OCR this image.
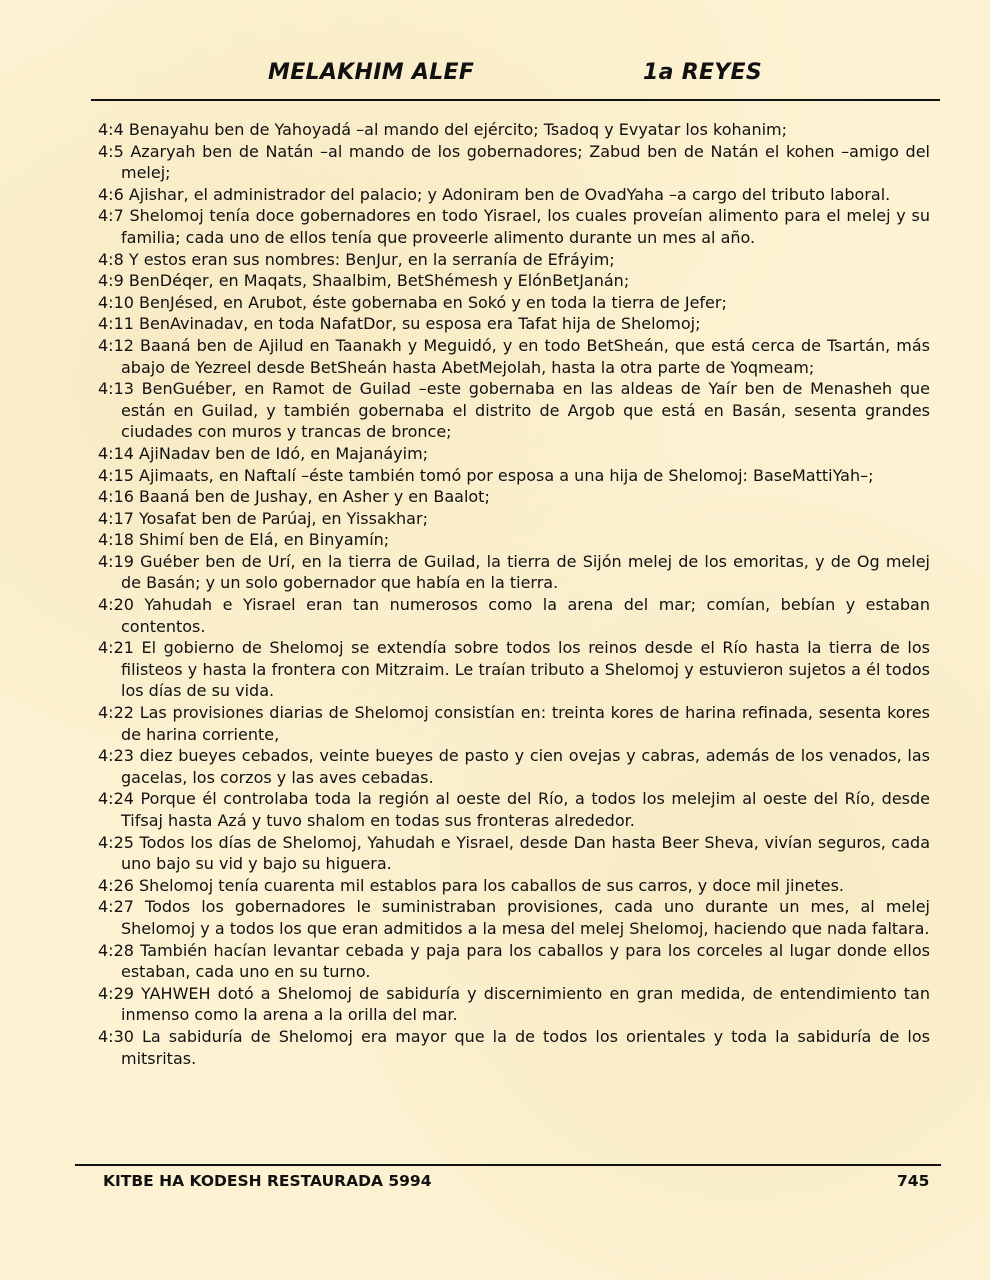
MELAKHIM ALEF	1a REYES

4:4 Benayahu ben de Yahoyadá –al mando del ejército; Tsadoq y Evyatar los kohanim;

4:5 Azaryah ben de Natán –al mando de los gobernadores; Zabud ben de Natán el kohen –amigo del melej;

4:6 Ajishar, el administrador del palacio; y Adoniram ben de OvadYaha –a cargo del tributo laboral.

4:7 Shelomoj tenía doce gobernadores en todo Yisrael, los cuales proveían alimento para el melej y su familia; cada uno de ellos tenía que proveerle alimento durante un mes al año.

4:8 Y estos eran sus nombres: BenJur, en la serranía de Efráyim;

4:9 BenDéqer, en Maqats, Shaalbim, BetShémesh y ElónBetJanán;

4:10 BenJésed, en Arubot, éste gobernaba en Sokó y en toda la tierra de Jefer;

4:11 BenAvinadav, en toda NafatDor, su esposa era Tafat hija de Shelomoj;

4:12 Baaná ben de Ajilud en Taanakh y Meguidó, y en todo BetSheán, que está cerca de Tsartán, más abajo de Yezreel desde BetSheán hasta AbetMejolah, hasta la otra parte de Yoqmeam;

4:13 BenGuéber, en Ramot de Guilad –este gobernaba en las aldeas de Yaír ben de Menasheh que están en Guilad, y también gobernaba el distrito de Argob que está en Basán, sesenta grandes ciudades con muros y trancas de bronce;

4:14 AjiNadav ben de Idó, en Majanáyim;

4:15 Ajimaats, en Naftalí –éste también tomó por esposa a una hija de Shelomoj: BaseMattiYah–;

4:16 Baaná ben de Jushay, en Asher y en Baalot;

4:17 Yosafat ben de Parúaj, en Yissakhar;

4:18 Shimí ben de Elá, en Binyamín;

4:19 Guéber ben de Urí, en la tierra de Guilad, la tierra de Sijón melej de los emoritas, y de Og melej de Basán; y un solo gobernador que había en la tierra.

4:20 Yahudah e Yisrael eran tan numerosos como la arena del mar; comían, bebían y estaban contentos.

4:21 El gobierno de Shelomoj se extendía sobre todos los reinos desde el Río hasta la tierra de los filisteos y hasta la frontera con Mitzraim. Le traían tributo a Shelomoj y estuvieron sujetos a él todos los días de su vida.

4:22 Las provisiones diarias de Shelomoj consistían en: treinta kores de harina refinada, sesenta kores de harina corriente,

4:23 diez bueyes cebados, veinte bueyes de pasto y cien ovejas y cabras, además de los venados, las gacelas, los corzos y las aves cebadas.

4:24 Porque él controlaba toda la región al oeste del Río, a todos los melejim al oeste del Río, desde Tifsaj hasta Azá y tuvo shalom en todas sus fronteras alrededor.

4:25 Todos los días de Shelomoj, Yahudah e Yisrael, desde Dan hasta Beer Sheva, vivían seguros, cada uno bajo su vid y bajo su higuera.

4:26 Shelomoj tenía cuarenta mil establos para los caballos de sus carros, y doce mil jinetes.

4:27 Todos los gobernadores le suministraban provisiones, cada uno durante un mes, al melej Shelomoj y a todos los que eran admitidos a la mesa del melej Shelomoj, haciendo que nada faltara.

4:28 También hacían levantar cebada y paja para los caballos y para los corceles al lugar donde ellos estaban, cada uno en su turno.

4:29 YAHWEH dotó a Shelomoj de sabiduría y discernimiento en gran medida, de entendimiento tan inmenso como la arena a la orilla del mar.

4:30 La sabiduría de Shelomoj era mayor que la de todos los orientales y toda la sabiduría de los mitsritas.

KITBE HA KODESH RESTAURADA 5994	745
